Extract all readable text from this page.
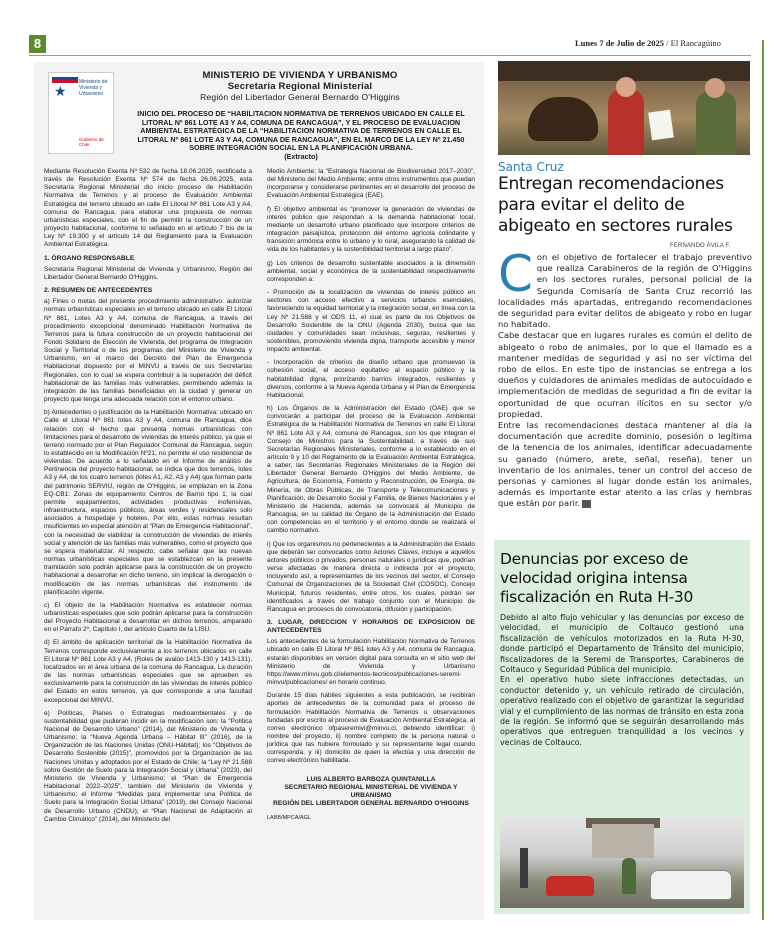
8	Lunes 7 de Julio de 2025 / El Rancagüino
★
Ministerio de Vivienda y Urbanismo
Gobierno de Chile
MINISTERIO DE VIVIENDA Y URBANISMO
Secretaría Regional Ministerial
Región del Libertador General Bernardo O'Higgins
INICIO DEL PROCESO DE “HABILITACION NORMATIVA DE TERRENOS UBICADO EN CALLE EL LITORAL Nº 861 LOTE A3 Y A4, COMUNA DE RANCAGUA”, Y EL PROCESO DE EVALUACION AMBIENTAL ESTRATÉGICA DE LA “HABILITACION NORMATIVA DE TERRENOS EN CALLE EL LITORAL Nº 861 LOTE A3 Y A4, COMUNA DE RANCAGUA”, EN EL MARCO DE LA LEY Nº 21.450 SOBRE INTEGRACIÓN SOCIAL EN LA PLANIFICACIÓN URBANA.
(Extracto)

Mediante Resolución Exenta Nº 532 de fecha 18.06.2025, rectificada a través de Resolución Exenta Nº 574 de fecha 26.06.2025, esta Secretaría Regional Ministerial dio inicio proceso de Habilitación Normativa de Terrenos y al proceso de Evaluación Ambiental Estratégica del terreno ubicado en calle El Litoral Nº 861 Lote A3 y A4, comuna de Rancagua, para elaborar una propuesta de normas urbanísticas especiales, con el fin de permitir la construcción de un proyecto habitacional, conforme lo señalado en el artículo 7 bis de la Ley Nº 19.300 y el artículo 14 del Reglamento para la Evaluación Ambiental Estratégica.

1. ÓRGANO RESPONSABLE

Secretaría Regional Ministerial de Vivienda y Urbanismo, Región del Libertador General Bernardo O'Higgins.

2. RESUMEN DE ANTECEDENTES

a) Fines o metas del presente procedimiento administrativo: autorizar normas urbanísticas especiales en el terreno ubicado en calle El Litoral Nº 861, Lotes A3 y A4, comuna de Rancagua, a través del procedimiento excepcional denominado Habilitación Normativa de Terrenos para la futura construcción de un proyecto habitacional del Fondo Solidario de Elección de Vivienda, del programa de Integración Social y Territorial o de los programas del Ministerio de Vivienda y Urbanismo, en el marco del Decreto del Plan de Emergencia Habitacional dispuesto por el MINVU a través de sus Secretarías Regionales, con lo cual se espera contribuir a la superación del déficit habitacional de las familias más vulnerables, permitiendo además la integración de las familias beneficiadas en la ciudad y generar un proyecto que tenga una adecuada relación con el entorno urbano.

b) Antecedentes o justificación de la Habilitación Normativa: ubicado en Calle el Litoral Nº 861 lotes A3 y A4, comuna de Rancagua, dice relación con el hecho que presenta normas urbanísticas con limitaciones para el desarrollo de viviendas de interés público, ya que el terreno normado por el Plan Regulador Comunal de Rancagua, según lo establecido en la Modificación Nº21, no permite el uso residencial de viviendas. De acuerdo a lo señalado en el Informe de análisis de Pertinencia del proyecto habitacional, se indica que dos terrenos, lotes A3 y A4, de los cuatro terrenos (lotes A1, A2, A3 y A4) que forman parte del patrimonio SERVIU, región de O'Higgins, se emplazan en la Zona EQ-CB1: Zonas de equipamiento Centros de Barrio tipo 1, la cual permite equipamientos, actividades productivas inofensivas, infraestructura, espacios públicos, áreas verdes y residenciales solo asociados a hospedaje y hoteles. Por ello, estas normas resultan insuficientes en especial atención al “Plan de Emergencia Habitacional”, con la necesidad de viabilizar la construcción de viviendas de interés social y atención de las familias más vulnerables, como el proyecto que se espera materializar. Al respecto, cabe señalar que las nuevas normas urbanísticas especiales que se establezcan en la presente tramitación solo podrán aplicarse para la construcción de un proyecto habitacional a desarrollar en dicho terreno, sin implicar la derogación o modificación de las normas urbanísticas del instrumento de planificación vigente.

c) El objeto de la Habilitación Normativa es establecer normas urbanísticas especiales que solo podrán aplicarse para la construcción del Proyecto Habitacional a desarrollar en dichos terrenos, amparado en el Párrafo 2º, Capítulo I, del artículo Cuarto de la LISU.

d) El ámbito de aplicación territorial de la Habilitación Normativa de Terrenos corresponde exclusivamente a los terrenos ubicados en calle El Litoral Nº 861 Lote A3 y A4, (Roles de avalúo 1413-130 y 1413-131), localizados en el área urbana de la comuna de Rancagua. La duración de las normas urbanísticas especiales que se aprueben es exclusivamente para la construcción de las viviendas de interés público del Estado en estos terrenos, ya que corresponde a una facultad excepcional del MINVU.

e) Políticas, Planes o Estrategias medioambientales y de sustentabilidad que pudieran incidir en la modificación son: la “Política Nacional de Desarrollo Urbano” (2014), del Ministerio de Vivienda y Urbanismo; la “Nueva Agenda Urbana – Hábitat III” (2016), de la Organización de las Naciones Unidas (ONU-Hábitat); los “Objetivos de Desarrollo Sostenible (2015)”, promovidos por la Organización de las Naciones Unidas y adoptados por el Estado de Chile; la “Ley Nº 21.588 sobre Gestión de Suelo para la Integración Social y Urbana” (2023), del Ministerio de Vivienda y Urbanismo; el “Plan de Emergencia Habitacional 2022–2025”, también del Ministerio de Vivienda y Urbanismo; el Informe “Medidas para implementar una Política de Suelo para la Integración Social Urbana” (2019), del Consejo Nacional de Desarrollo Urbano (CNDU); el “Plan Nacional de Adaptación al Cambio Climático” (2014), del Ministerio del

Medio Ambiente; la “Estrategia Nacional de Biodiversidad 2017–2030”, del Ministerio del Medio Ambiente; entre otros instrumentos que puedan incorporarse y considerarse pertinentes en el desarrollo del proceso de Evaluación Ambiental Estratégica (EAE).

f) El objetivo ambiental es “promover la generación de viviendas de interés público que respondan a la demanda habitacional local, mediante un desarrollo urbano planificado que incorpore criterios de integración paisajística, protección del entorno agrícola colindante y transición armónica entre lo urbano y lo rural, asegurando la calidad de vida de los habitantes y la sostenibilidad territorial a largo plazo”.

g) Los criterios de desarrollo sustentable asociados a la dimensión ambiental, social y económica de la sustentabilidad respectivamente corresponden a:

- Promoción de la localización de viviendas de interés público en sectores con acceso efectivo a servicios urbanos esenciales, favoreciendo la equidad territorial y la integración social, en línea con la Ley Nº 21.588 y el ODS 11, el cual es parte de los Objetivos de Desarrollo Sostenible de la ONU (Agenda 2030), busca que las ciudades y comunidades sean inclusivas, seguras, resilientes y sostenibles, promoviendo vivienda digna, transporte accesible y menor impacto ambiental.

- Incorporación de criterios de diseño urbano que promuevan la cohesión social, el acceso equitativo al espacio público y la habitabilidad digna, priorizando barrios integrados, resilientes y diversos, conforme a la Nueva Agenda Urbana y el Plan de Emergencia Habitacional.

h) Los Órganos de la Administración del Estado (OAE) que se convocarán a participar del proceso de la Evaluación Ambiental Estratégica de la Habilitación Normativa de Terrenos en calle El Litoral Nº 861 Lote A3 y A4, comuna de Rancagua, son los que integran el Consejo de Ministros para la Sustentabilidad, a través de sus Secretarías Regionales Ministeriales, conforme a lo establecido en el artículo 9 y 10 del Reglamento de la Evaluación Ambiental Estratégica, a saber, las Secretarías Regionales Ministeriales de la Región del Libertador General Bernardo O'Higgins del Medio Ambiente, de Agricultura, de Economía, Fomento y Reconstrucción, de Energía, de Minería, de Obras Públicas, de Transporte y Telecomunicaciones y Planificación, de Desarrollo Social y Familia, de Bienes Nacionales y el Ministerio de Hacienda, además se convocará al Municipio de Rancagua, en su calidad de Órgano de la Administración del Estado con competencias en el territorio y el entorno donde se realizará el cambio normativo.

i) Que los organismos no pertenecientes a la Administración del Estado que deberán ser convocados como Actores Claves, incluye a aquellos actores públicos o privados, personas naturales o jurídicas que, podrían verse afectadas de manera directa o indirecta por el proyecto, incluyendo así, a representantes de los vecinos del sector, el Consejo Comunal de Organizaciones de la Sociedad Civil (COSOC), Concejo Municipal, futuros residentes, entre otros, los cuales, podrán ser identificados a través del trabajo conjunto con el Municipio de Rancagua en procesos de convocatoria, difusión y participación.

3. LUGAR, DIRECCION Y HORARIOS DE EXPOSICION DE ANTECEDENTES

Los antecedentes de la formulación Habilitación Normativa de Terrenos ubicado en calle El Litoral Nº 861 lotes A3 y A4, comuna de Rancagua, estarán disponibles en versión digital para consulta en el sitio web del Ministerio de Vivienda y Urbanismo https://www.minvu.gob.cl/elementos-tecnicos/publicaciones-seremi-minvu/publicaciones/ en horario continuo.

Durante 15 días hábiles siguientes a esta publicación, se recibirán aportes de antecedentes de la comunidad para el proceso de formulación Habilitación Normativa de Terrenos u observaciones fundadas por escrito al proceso de Evaluación Ambiental Estratégica, al correo electrónico ofpaseremivi@minvu.cl, debiendo identificar: i) nombre del proyecto, ii) nombre completo de la persona natural o jurídica que las hubiere formulado y su representante legal cuando corresponda, y iii) domicilio de quien la efectúa y una dirección de correo electrónico habilitada.

LUIS ALBERTO BARBOZA QUINTANILLA
SECRETARIO REGIONAL MINISTERIAL DE VIVIENDA Y URBANISMO
REGIÓN DEL LIBERTADOR GENERAL BERNARDO O'HIGGINS
LABB/MPCA/AGL
Santa Cruz
Entregan recomendaciones para evitar el delito de abigeato en sectores rurales
FERNANDO ÁVILA F.

Con el objetivo de fortalecer el trabajo preventivo que realiza Carabineros de la región de O'Higgins en los sectores rurales, personal policial de la Segunda Comisaría de Santa Cruz recorrió las localidades más apartadas, entregando recomendaciones de seguridad para evitar delitos de abigeato y robo en lugar no habitado.

Cabe destacar que en lugares rurales es común el delito de abigeato o robo de animales, por lo que el llamado es a mantener medidas de seguridad y así no ser víctima del robo de ellos. En este tipo de instancias se entrega a los dueños y cuidadores de animales medidas de autocuidado e implementación de medidas de seguridad a fin de evitar la oportunidad de que ocurran ilícitos en su sector y/o propiedad.

Entre las recomendaciones destaca mantener al día la documentación que acredite dominio, posesión o legítima de la tenencia de los animales, identificar adecuadamente su ganado (número, arete, señal, reseña), tener un inventario de los animales, tener un control del acceso de personas y camiones al lugar donde están los animales, además es importante estar atento a las crías y hembras que están por parir.

Denuncias por exceso de velocidad origina intensa fiscalización en Ruta H-30

Debido al alto flujo vehicular y las denuncias por exceso de velocidad, el municipio de Coltauco gestionó una fiscalización de vehículos motorizados en la Ruta H-30, donde participó el Departamento de Tránsito del municipio, fiscalizadores de la Seremi de Transportes, Carabineros de Coltauco y Seguridad Pública del municipio.

En el operativo hubo siete infracciones detectadas, un conductor detenido y, un vehículo retirado de circulación, operativo realizado con el objetivo de garantizar la seguridad vial y el cumplimiento de las normas de tránsito en esta zona de la región. Se informó que se seguirán desarrollando más operativos que entreguen tranquilidad a los vecinos y vecinas de Coltauco.
